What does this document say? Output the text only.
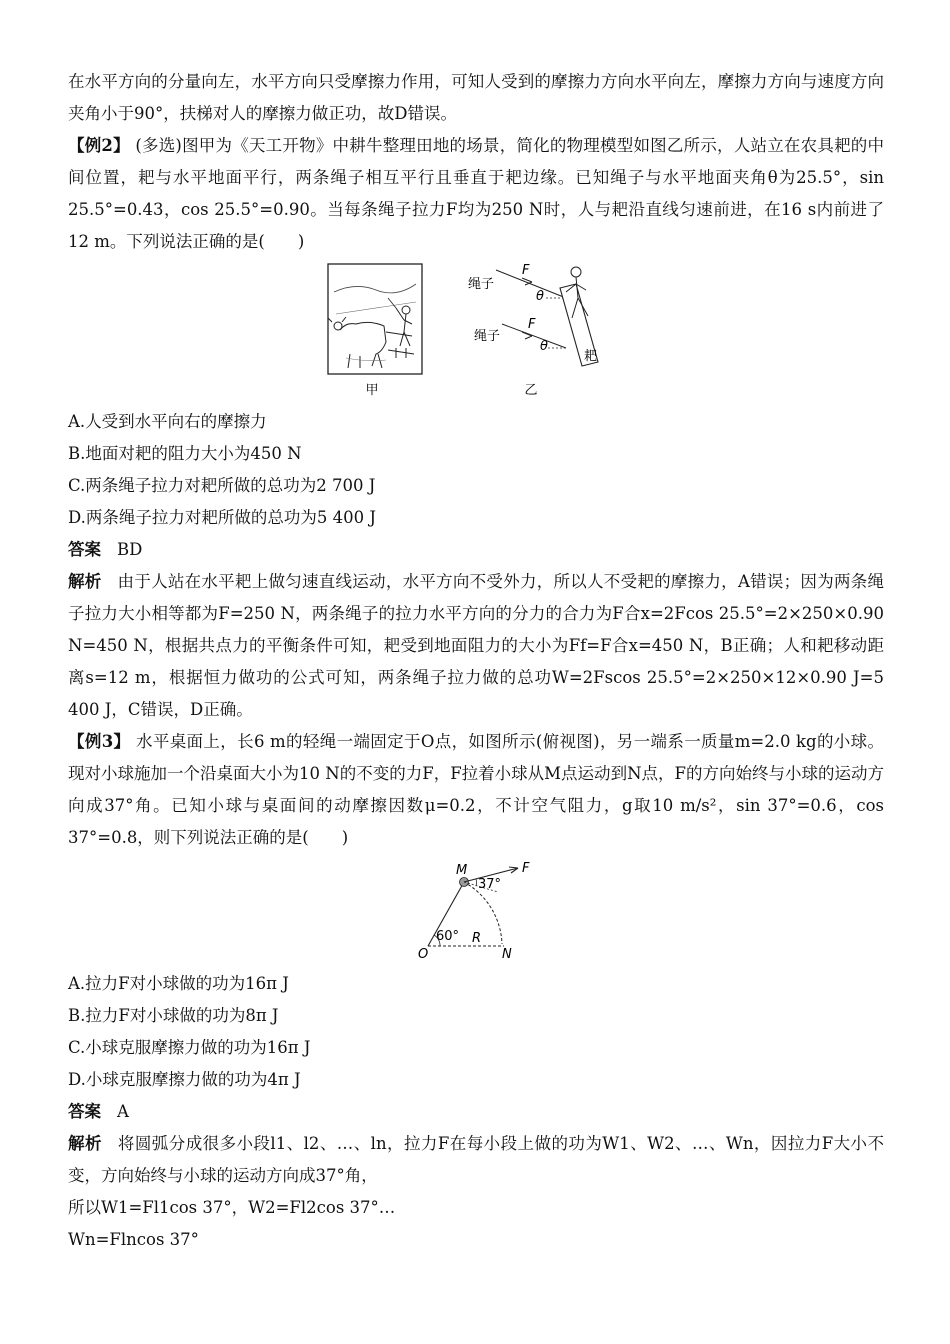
在水平方向的分量向左，水平方向只受摩擦力作用，可知人受到的摩擦力方向水平向左，摩擦力方向与速度方向夹角小于90°，扶梯对人的摩擦力做正功，故D错误。

【例2】 (多选)图甲为《天工开物》中耕牛整理田地的场景，简化的物理模型如图乙所示，人站立在农具耙的中间位置，耙与水平地面平行，两条绳子相互平行且垂直于耙边缘。已知绳子与水平地面夹角θ为25.5°，sin 25.5°=0.43，cos 25.5°=0.90。当每条绳子拉力F均为250 N时，人与耙沿直线匀速前进，在16 s内前进了12 m。下列说法正确的是(　　)

甲
绳子
绳子
F
F
θ
θ
耙
乙

A.人受到水平向右的摩擦力

B.地面对耙的阻力大小为450 N

C.两条绳子拉力对耙所做的总功为2 700 J

D.两条绳子拉力对耙所做的总功为5 400 J

答案 BD

解析 由于人站在水平耙上做匀速直线运动，水平方向不受外力，所以人不受耙的摩擦力，A错误；因为两条绳子拉力大小相等都为F=250 N，两条绳子的拉力水平方向的分力的合力为F合x=2Fcos 25.5°=2×250×0.90 N=450 N，根据共点力的平衡条件可知，耙受到地面阻力的大小为Ff=F合x=450 N，B正确；人和耙移动距离s=12 m，根据恒力做功的公式可知，两条绳子拉力做的总功W=2Fscos 25.5°=2×250×12×0.90 J=5 400 J，C错误，D正确。

【例3】 水平桌面上，长6 m的轻绳一端固定于O点，如图所示(俯视图)，另一端系一质量m=2.0 kg的小球。现对小球施加一个沿桌面大小为10 N的不变的力F，F拉着小球从M点运动到N点，F的方向始终与小球的运动方向成37°角。已知小球与桌面间的动摩擦因数μ=0.2，不计空气阻力，g取10 m/s²，sin 37°=0.6，cos 37°=0.8，则下列说法正确的是(　　)

M	F
37°
60° R
O	N

A.拉力F对小球做的功为16π J

B.拉力F对小球做的功为8π J

C.小球克服摩擦力做的功为16π J

D.小球克服摩擦力做的功为4π J

答案 A

解析 将圆弧分成很多小段l1、l2、…、ln，拉力F在每小段上做的功为W1、W2、…、Wn，因拉力F大小不变，方向始终与小球的运动方向成37°角，

所以W1=Fl1cos 37°，W2=Fl2cos 37°…

Wn=Flncos 37°
